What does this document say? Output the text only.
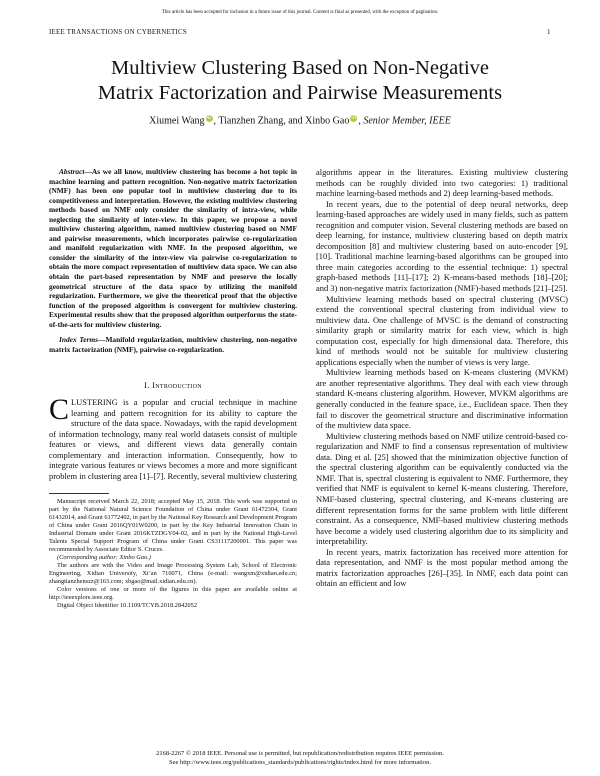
This article has been accepted for inclusion in a future issue of this journal. Content is final as presented, with the exception of pagination.
IEEE TRANSACTIONS ON CYBERNETICS	1
Multiview Clustering Based on Non-Negative
Matrix Factorization and Pairwise Measurements
Xiumei Wang iD , Tianzhen Zhang, and Xinbo Gao iD , Senior Member, IEEE

Abstract—As we all know, multiview clustering has become a hot topic in machine learning and pattern recognition. Non-negative matrix factorization (NMF) has been one popular tool in multiview clustering due to its competitiveness and interpretation. However, the existing multiview clustering methods based on NMF only consider the similarity of intra-view, while neglecting the similarity of inter-view. In this paper, we propose a novel multiview clustering algorithm, named multiview clustering based on NMF and pairwise measurements, which incorporates pairwise co-regularization and manifold regularization with NMF. In the proposed algorithm, we consider the similarity of the inter-view via pairwise co-regularization to obtain the more compact representation of multiview data space. We can also obtain the part-based representation by NMF and preserve the locally geometrical structure of the data space by utilizing the manifold regularization. Furthermore, we give the theoretical proof that the objective function of the proposed algorithm is convergent for multiview clustering. Experimental results show that the proposed algorithm outperforms the state-of-the-arts for multiview clustering.

Index Terms—Manifold regularization, multiview clustering, non-negative matrix factorization (NMF), pairwise co-regularization.

I. Introduction

CLUSTERING is a popular and crucial technique in machine learning and pattern recognition for its ability to capture the structure of the data space. Nowadays, with the rapid development of information technology, many real world datasets consist of multiple features or views, and different views data generally contain complementary and interaction information. Consequently, how to integrate various features or views becomes a more and more significant problem in clustering area [1]–[7]. Recently, several multiview clustering

Manuscript received March 22, 2018; accepted May 15, 2018. This work was supported in part by the National Natural Science Foundation of China under Grant 61472304, Grant 61432014, and Grant 61772402, in part by the National Key Research and Development Program of China under Grant 2016QY01W0200, in part by the Key Industrial Innovation Chain in Industrial Domain under Grant 2016KTZDGY04-02, and in part by the National High-Level Talents Special Support Program of China under Grant CS31117200001. This paper was recommended by Associate Editor S. Cruces.

(Corresponding author: Xinbo Gao.)

The authors are with the Video and Image Processing System Lab, School of Electronic Engineering, Xidian University, Xi’an 710071, China (e-mail: wangxm@xidian.edu.cn; zhangtianzhenszz@163.com; xbgao@mail.xidian.edu.cn).

Color versions of one or more of the figures in this paper are available online at http://ieeexplore.ieee.org.

Digital Object Identifier 10.1109/TCYB.2018.2842052

algorithms appear in the literatures. Existing multiview clustering methods can be roughly divided into two categories: 1) traditional machine learning-based methods and 2) deep learning-based methods.

In recent years, due to the potential of deep neural networks, deep learning-based approaches are widely used in many fields, such as pattern recognition and computer vision. Several clustering methods are based on deep learning, for instance, multiview clustering based on depth matrix decomposition [8] and multiview clustering based on auto-encoder [9], [10]. Traditional machine learning-based algorithms can be grouped into three main categories according to the essential technique: 1) spectral graph-based methods [11]–[17]; 2) K-means-based methods [18]–[20]; and 3) non-negative matrix factorization (NMF)-based methods [21]–[25].

Multiview learning methods based on spectral clustering (MVSC) extend the conventional spectral clustering from individual view to multiview data. One challenge of MVSC is the demand of constructing similarity graph or similarity matrix for each view, which is high computation cost, especially for high dimensional data. Therefore, this kind of methods would not be suitable for multiview clustering applications especially when the number of views is very large.

Multiview learning methods based on K-means clustering (MVKM) are another representative algorithms. They deal with each view through standard K-means clustering algorithm. However, MVKM algorithms are generally conducted in the feature space, i.e., Euclidean space. Then they fail to discover the geometrical structure and discriminative information of the multiview data space.

Multiview clustering methods based on NMF utilize centroid-based co-regularization and NMF to find a consensus representation of multiview data. Ding et al. [25] showed that the minimization objective function of the spectral clustering algorithm can be equivalently conducted via the NMF. That is, spectral clustering is equivalent to NMF. Furthermore, they verified that NMF is equivalent to kernel K-means clustering. Therefore, NMF-based clustering, spectral clustering, and K-means clustering are different representation forms for the same problem with little different constraint. As a consequence, NMF-based multiview clustering methods have become a widely used clustering algorithm due to its simplicity and interpretability.

In recent years, matrix factorization has received more attention for data representation, and NMF is the most popular method among the matrix factorization approaches [26]–[35]. In NMF, each data point can obtain an efficient and low

2168-2267 © 2018 IEEE. Personal use is permitted, but republication/redistribution requires IEEE permission.
See http://www.ieee.org/publications_standards/publications/rights/index.html for more information.
